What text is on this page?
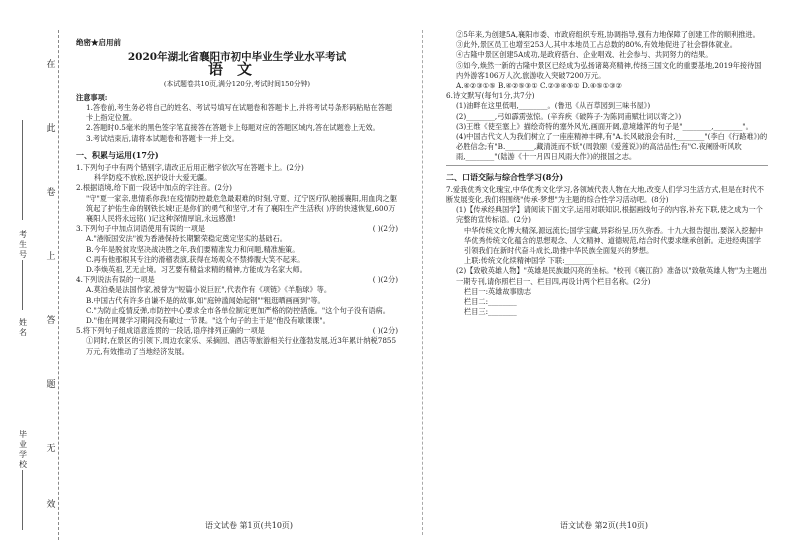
在
此
卷
上
答
题
无
效
考生号
姓名
毕业学校

绝密★启用前

2020年湖北省襄阳市初中毕业生学业水平考试

语文

(本试题卷共10页,满分120分,考试时间150分钟)

注意事项:

1.答卷前,考生务必将自己的姓名、考试号填写在试题卷和答题卡上,并将考试号条形码粘贴在答题卡上指定位置。

2.答题时0.5毫米的黑色签字笔直接答在答题卡上每题对应的答题区域内,答在试题卷上无效。

3.考试结束后,请将本试题卷和答题卡一并上交。

一、积累与运用(17分)

1.下列句子中有两个错别字,请改正后用正楷字依次写在答题卡上。(2分)

科学防疫不放松,医护设计大爱无疆。

2.根据语境,给下面一段话中加点的字注音。(2分)

"守"夏一家亲,患情系你我!在疫情防控最危急最艰难的时刻,守夏、辽宁医疗队驰援襄阳,用血肉之躯筑起了护佑生命的钢铁长城!正是你们的勇气和坚守,才有了襄阳生产生活秩( )序的快速恢复,600万襄阳人民将永远铭( )记这种深情厚谊,永远感激!

3.下列句子中加点词语使用有误的一项是	( )(2分)

A."港版国安法"被为香港保持长期繁荣稳定奠定坚实的基础石。

B.今年是脱贫攻坚决战决胜之年,我们要精准发力和问题,精准施策。

C.再有他那根其专注的滑稽表演,获得在场观众不禁捧腹大笑不起来。

D.李焕英祖,艺无止境。习艺要有精益求精的精神,方能成为名家大师。

4.下列说法有误的一项是	( )(2分)

A.莫泊桑是法国作家,被誉为"短篇小说巨匠",代表作有《项链》《羊脂球》等。

B.中国古代有许多自谦不是的故事,如"庭钟滥闻始起钢""粗逛晒画画到"等。

C."为防止疫情反弹,市防控中心要求全市各单位制定更加严格的防控措施。"这个句子没有语病。

D."他在网课学习期间没有歇过一节课。"这个句子的主干是"他没有歇课课"。

5.将下列句子组成语意连贯的一段话,语序排列正确的一项是	( )(2分)

①同时,在景区的引领下,周边农家乐、采摘园、酒店等旅游相关行业蓬勃发展,近3年累计纳税7855万元,有效推动了当地经济发展。

②5年来,为创建5A,襄阳市委、市政府组织专班,协调指导,强有力地保障了创建工作的顺利推进。

③此外,景区员工也增至253人,其中本地员工占总数的80%,有效地促进了社会群体就业。

④古隆中景区创建5A成功,是政府搭台、企业唱戏、社会参与、共同努力的结果。

⑤如今,焕然一新的古隆中景区已经成为弘扬诸葛亮精神,传扬三国文化的重要基地,2019年接待国内外游客106万人次,旅游收入突破7200万元。

A.④②③①⑤ B.④②⑤③① C.②③④⑤① D.④⑤①③②

6.诗文默写(每句1分,共7分)

(1)油畔在这里低唱,________。(鲁迅《从百草园到三味书屋》)

(2)________,弓如霹雳弦惊。(辛弃疾《破阵子·为陈同甫赋壮词以寄之》)

(3)王维《使至塞上》描绘奇特的塞外风光,画面开阔,意境雄浑的句子是"________,________"。

(4)中国古代文人为我们树立了一座座精神丰碑,有"A.长风破浪会有时,________"(李白《行路难》)的必胜信念;有"B.________,藏清涟而不妖"(周敦颐《爱莲说》)的高洁品性;有"C.夜阑卧听风吹雨,________"(陆游《十一月四日风雨大作》)的报国之志。

二、口语交际与综合性学习(8分)

7.爱我优秀文化瑰宝,中华优秀文化学习,各领域代表人物在大地,改变人们学习生活方式,但是在时代不断发展变化,我们将围绕"传承·梦想"为主题的综合性学习活动吧。(8分)

(1)【传承经典国学】请阅读下面文字,运用对联知识,根据画线句子的内容,补充下联,使之成为一个完整的宣传标语。(2分)

中华传统文化博大精深,源远流长;国学宝藏,异彩纷呈,历久弥香。十九大报告提出,要深入挖掘中华优秀传统文化蕴含的思想观念、人文精神、道德规范,结合时代要求继承创新。走进经典国学引领我们在新时代奋斗成长,助推中华民族全面复兴的梦想。

上联:传统文化续精神国学 下联:________

(2)【致敬英雄人物】"英雄是民族最闪亮的坐标。"校刊《襄江韵》准备以"致敬英雄人物"为主题出一期专刊,请你照栏目一、栏目四,再设计两个栏目名称。(2分)

栏目一:英雄故事励志

栏目二:________

栏目三:________

语文试卷 第1页(共10页)	语文试卷 第2页(共10页)
